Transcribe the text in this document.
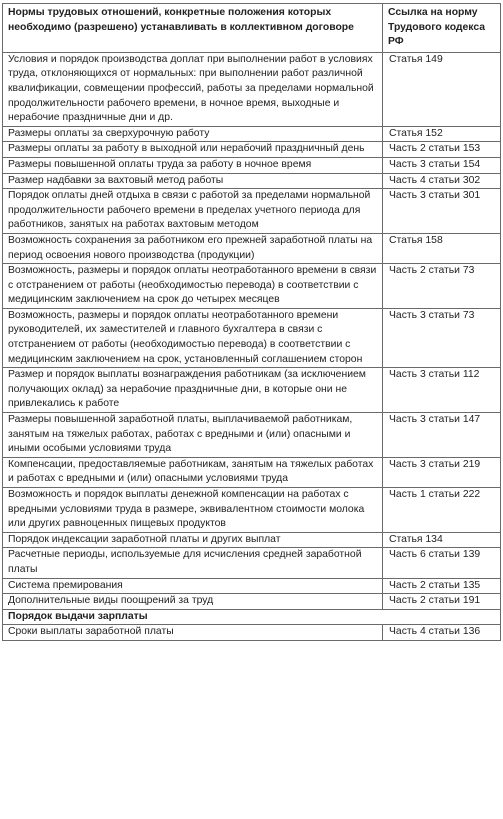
Нормы трудовых отношений, конкретные положения которых необходимо (разрешено) устанавливать в коллективном договоре	Ссылка на норму Трудового кодекса РФ
Условия и порядок производства доплат при выполнении работ в условиях труда, отклоняющихся от нормальных: при выполнении работ различной квалификации, совмещении профессий, работы за пределами нормальной продолжительности рабочего времени, в ночное время, выходные и нерабочие праздничные дни и др.	Статья 149
Размеры оплаты за сверхурочную работу	Статья 152
Размеры оплаты за работу в выходной или нерабочий праздничный день	Часть 2 статьи 153
Размеры повышенной оплаты труда за работу в ночное время	Часть 3 статьи 154
Размер надбавки за вахтовый метод работы	Часть 4 статьи 302
Порядок оплаты дней отдыха в связи с работой за пределами нормальной продолжительности рабочего времени в пределах учетного периода для работников, занятых на работах вахтовым методом	Часть 3 статьи 301
Возможность сохранения за работником его прежней заработной платы на период освоения нового производства (продукции)	Статья 158
Возможность, размеры и порядок оплаты неотработанного времени в связи с отстранением от работы (необходимостью перевода) в соответствии с медицинским заключением на срок до четырех месяцев	Часть 2 статьи 73
Возможность, размеры и порядок оплаты неотработанного времени руководителей, их заместителей и главного бухгалтера в связи с отстранением от работы (необходимостью перевода) в соответствии с медицинским заключением на срок, установленный соглашением сторон	Часть 3 статьи 73
Размер и порядок выплаты вознаграждения работникам (за исключением получающих оклад) за нерабочие праздничные дни, в которые они не привлекались к работе	Часть 3 статьи 112
Размеры повышенной заработной платы, выплачиваемой работникам, занятым на тяжелых работах, работах с вредными и (или) опасными и иными особыми условиями труда	Часть 3 статьи 147
Компенсации, предоставляемые работникам, занятым на тяжелых работах и работах с вредными и (или) опасными условиями труда	Часть 3 статьи 219
Возможность и порядок выплаты денежной компенсации на работах с вредными условиями труда в размере, эквивалентном стоимости молока или других равноценных пищевых продуктов	Часть 1 статьи 222
Порядок индексации заработной платы и других выплат	Статья 134
Расчетные периоды, используемые для исчисления средней заработной платы	Часть 6 статьи 139
Система премирования	Часть 2 статьи 135
Дополнительные виды поощрений за труд	Часть 2 статьи 191
Порядок выдачи зарплаты	
Сроки выплаты заработной платы	Часть 4 статьи 136
